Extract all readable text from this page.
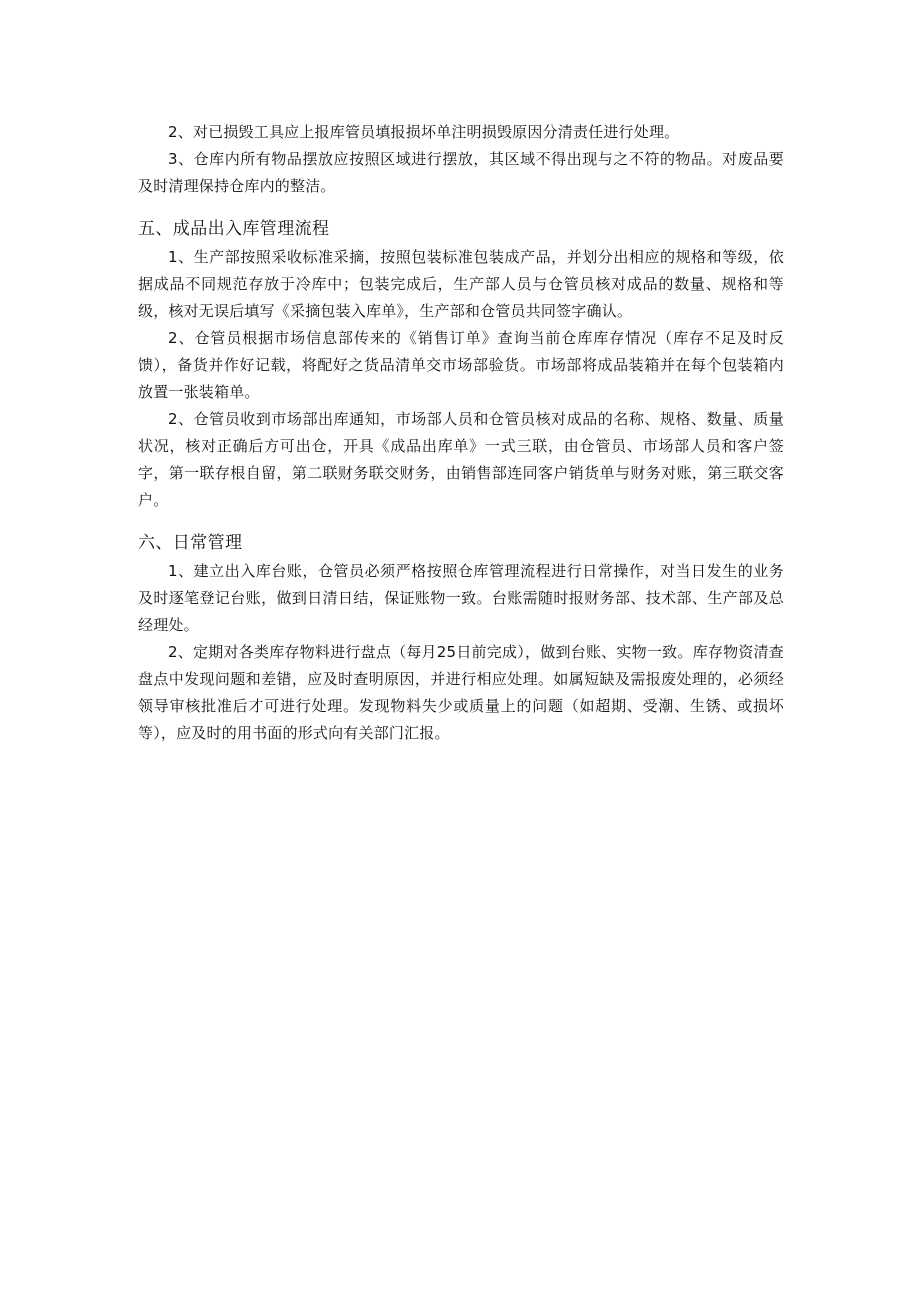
2、对已损毁工具应上报库管员填报损坏单注明损毁原因分清责任进行处理。

3、仓库内所有物品摆放应按照区域进行摆放，其区域不得出现与之不符的物品。对废品要及时清理保持仓库内的整洁。

五、成品出入库管理流程

1、生产部按照采收标准采摘，按照包装标准包装成产品，并划分出相应的规格和等级，依据成品不同规范存放于冷库中；包装完成后，生产部人员与仓管员核对成品的数量、规格和等级，核对无误后填写《采摘包装入库单》，生产部和仓管员共同签字确认。

2、仓管员根据市场信息部传来的《销售订单》查询当前仓库库存情况（库存不足及时反馈），备货并作好记载，将配好之货品清单交市场部验货。市场部将成品装箱并在每个包装箱内放置一张装箱单。

2、仓管员收到市场部出库通知，市场部人员和仓管员核对成品的名称、规格、数量、质量状况，核对正确后方可出仓，开具《成品出库单》一式三联，由仓管员、市场部人员和客户签字，第一联存根自留，第二联财务联交财务，由销售部连同客户销货单与财务对账，第三联交客户。

六、日常管理

1、建立出入库台账，仓管员必须严格按照仓库管理流程进行日常操作，对当日发生的业务及时逐笔登记台账，做到日清日结，保证账物一致。台账需随时报财务部、技术部、生产部及总经理处。

2、定期对各类库存物料进行盘点（每月25日前完成），做到台账、实物一致。库存物资清查盘点中发现问题和差错，应及时查明原因，并进行相应处理。如属短缺及需报废处理的，必须经领导审核批准后才可进行处理。发现物料失少或质量上的问题（如超期、受潮、生锈、或损坏等），应及时的用书面的形式向有关部门汇报。
